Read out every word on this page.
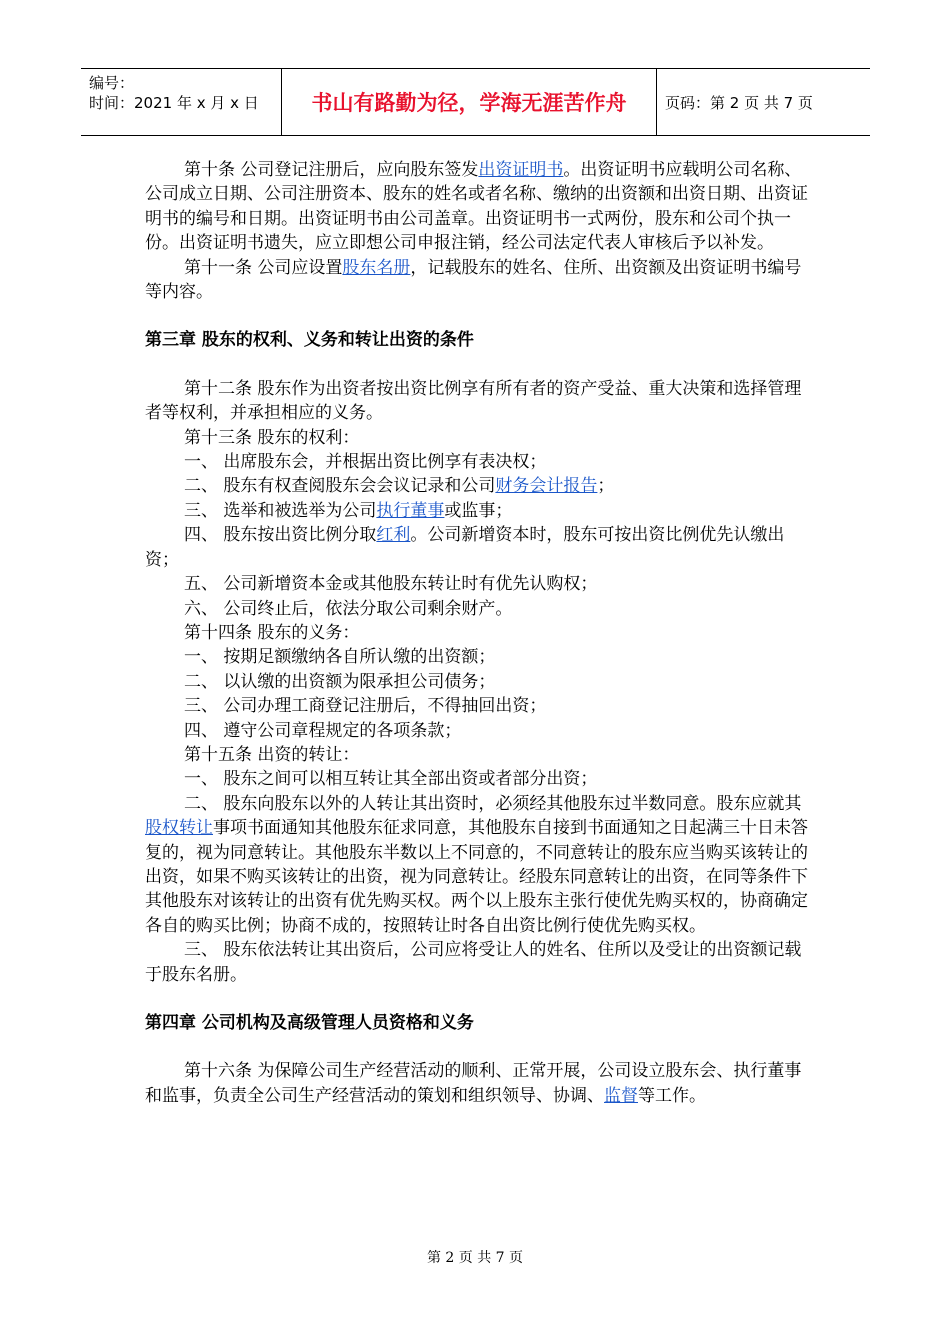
编号：
时间：2021 年 x 月 x 日	书山有路勤为径，学海无涯苦作舟	页码：第 2 页 共 7 页

第十条 公司登记注册后，应向股东签发出资证明书。出资证明书应载明公司名称、公司成立日期、公司注册资本、股东的姓名或者名称、缴纳的出资额和出资日期、出资证明书的编号和日期。出资证明书由公司盖章。出资证明书一式两份，股东和公司个执一份。出资证明书遗失，应立即想公司申报注销，经公司法定代表人审核后予以补发。

第十一条 公司应设置股东名册，记载股东的姓名、住所、出资额及出资证明书编号等内容。

第三章 股东的权利、义务和转让出资的条件

第十二条 股东作为出资者按出资比例享有所有者的资产受益、重大决策和选择管理者等权利，并承担相应的义务。

第十三条 股东的权利：

一、 出席股东会，并根据出资比例享有表决权；

二、 股东有权查阅股东会会议记录和公司财务会计报告；

三、 选举和被选举为公司执行董事或监事；

四、 股东按出资比例分取红利。公司新增资本时，股东可按出资比例优先认缴出资；

五、 公司新增资本金或其他股东转让时有优先认购权；

六、 公司终止后，依法分取公司剩余财产。

第十四条 股东的义务：

一、 按期足额缴纳各自所认缴的出资额；

二、 以认缴的出资额为限承担公司债务；

三、 公司办理工商登记注册后，不得抽回出资；

四、 遵守公司章程规定的各项条款；

第十五条 出资的转让：

一、 股东之间可以相互转让其全部出资或者部分出资；

二、 股东向股东以外的人转让其出资时，必须经其他股东过半数同意。股东应就其股权转让事项书面通知其他股东征求同意，其他股东自接到书面通知之日起满三十日未答复的，视为同意转让。其他股东半数以上不同意的，不同意转让的股东应当购买该转让的出资，如果不购买该转让的出资，视为同意转让。经股东同意转让的出资，在同等条件下其他股东对该转让的出资有优先购买权。两个以上股东主张行使优先购买权的，协商确定各自的购买比例；协商不成的，按照转让时各自出资比例行使优先购买权。

三、 股东依法转让其出资后，公司应将受让人的姓名、住所以及受让的出资额记载于股东名册。

第四章 公司机构及高级管理人员资格和义务

第十六条 为保障公司生产经营活动的顺利、正常开展，公司设立股东会、执行董事和监事，负责全公司生产经营活动的策划和组织领导、协调、监督等工作。

第 2 页 共 7 页
